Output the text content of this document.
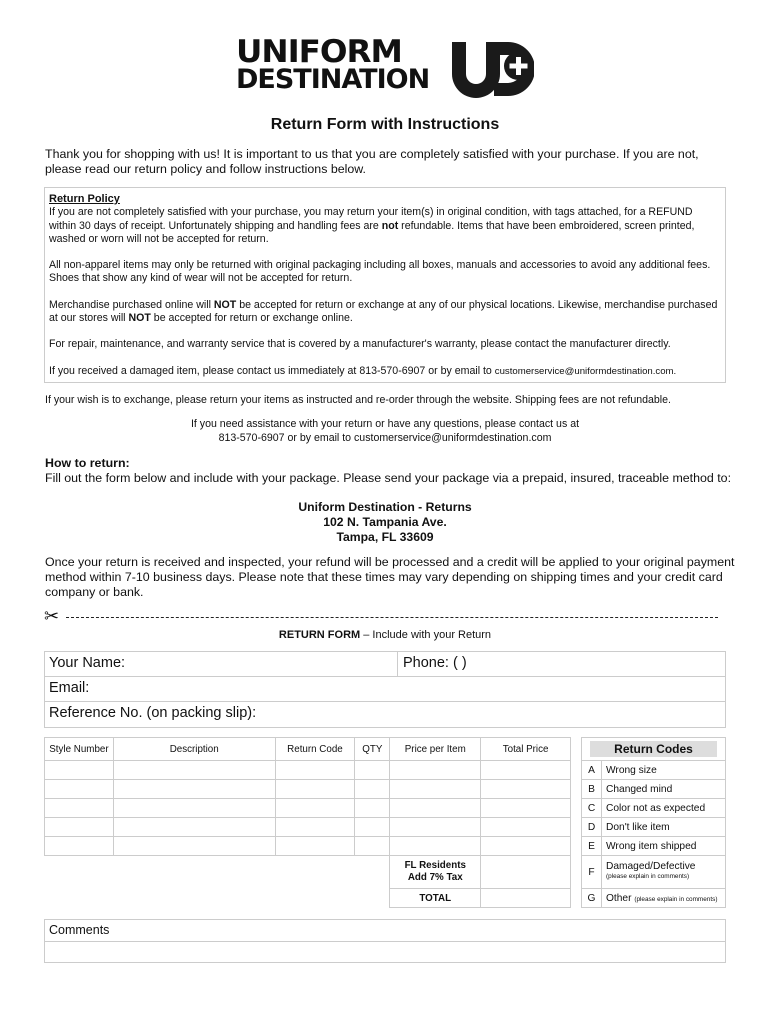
UNIFORM
DESTINATION
Return Form with Instructions
Thank you for shopping with us! It is important to us that you are completely satisfied with your purchase. If you are not, please read our return policy and follow instructions below.
Return Policy

If you are not completely satisfied with your purchase, you may return your item(s) in original condition, with tags attached, for a REFUND within 30 days of receipt. Unfortunately shipping and handling fees are not refundable. Items that have been embroidered, screen printed, washed or worn will not be accepted for return.

All non-apparel items may only be returned with original packaging including all boxes, manuals and accessories to avoid any additional fees. Shoes that show any kind of wear will not be accepted for return.

Merchandise purchased online will NOT be accepted for return or exchange at any of our physical locations. Likewise, merchandise purchased at our stores will NOT be accepted for return or exchange online.

For repair, maintenance, and warranty service that is covered by a manufacturer's warranty, please contact the manufacturer directly.

If you received a damaged item, please contact us immediately at 813-570-6907 or by email to customerservice@uniformdestination.com.

If your wish is to exchange, please return your items as instructed and re-order through the website. Shipping fees are not refundable.
If you need assistance with your return or have any questions, please contact us at
813-570-6907 or by email to customerservice@uniformdestination.com
How to return:
Fill out the form below and include with your package. Please send your package via a prepaid, insured, traceable method to:
Uniform Destination - Returns
102 N. Tampania Ave.
Tampa, FL 33609
Once your return is received and inspected, your refund will be processed and a credit will be applied to your original payment method within 7-10 business days. Please note that these times may vary depending on shipping times and your credit card company or bank.
✂
RETURN FORM – Include with your Return
Your Name:	Phone: ( )
Email:
Reference No. (on packing slip):
Style Number	Description	Return Code	QTY	Price per Item	Total Price

				FL Residents
Add 7% Tax	

				TOTAL	
Return Codes	
A	Wrong size
B	Changed mind
C	Color not as expected
D	Don't like item
E	Wrong item shipped
F	Damaged/Defective
(please explain in comments)

G	Other (please explain in comments)
Comments
